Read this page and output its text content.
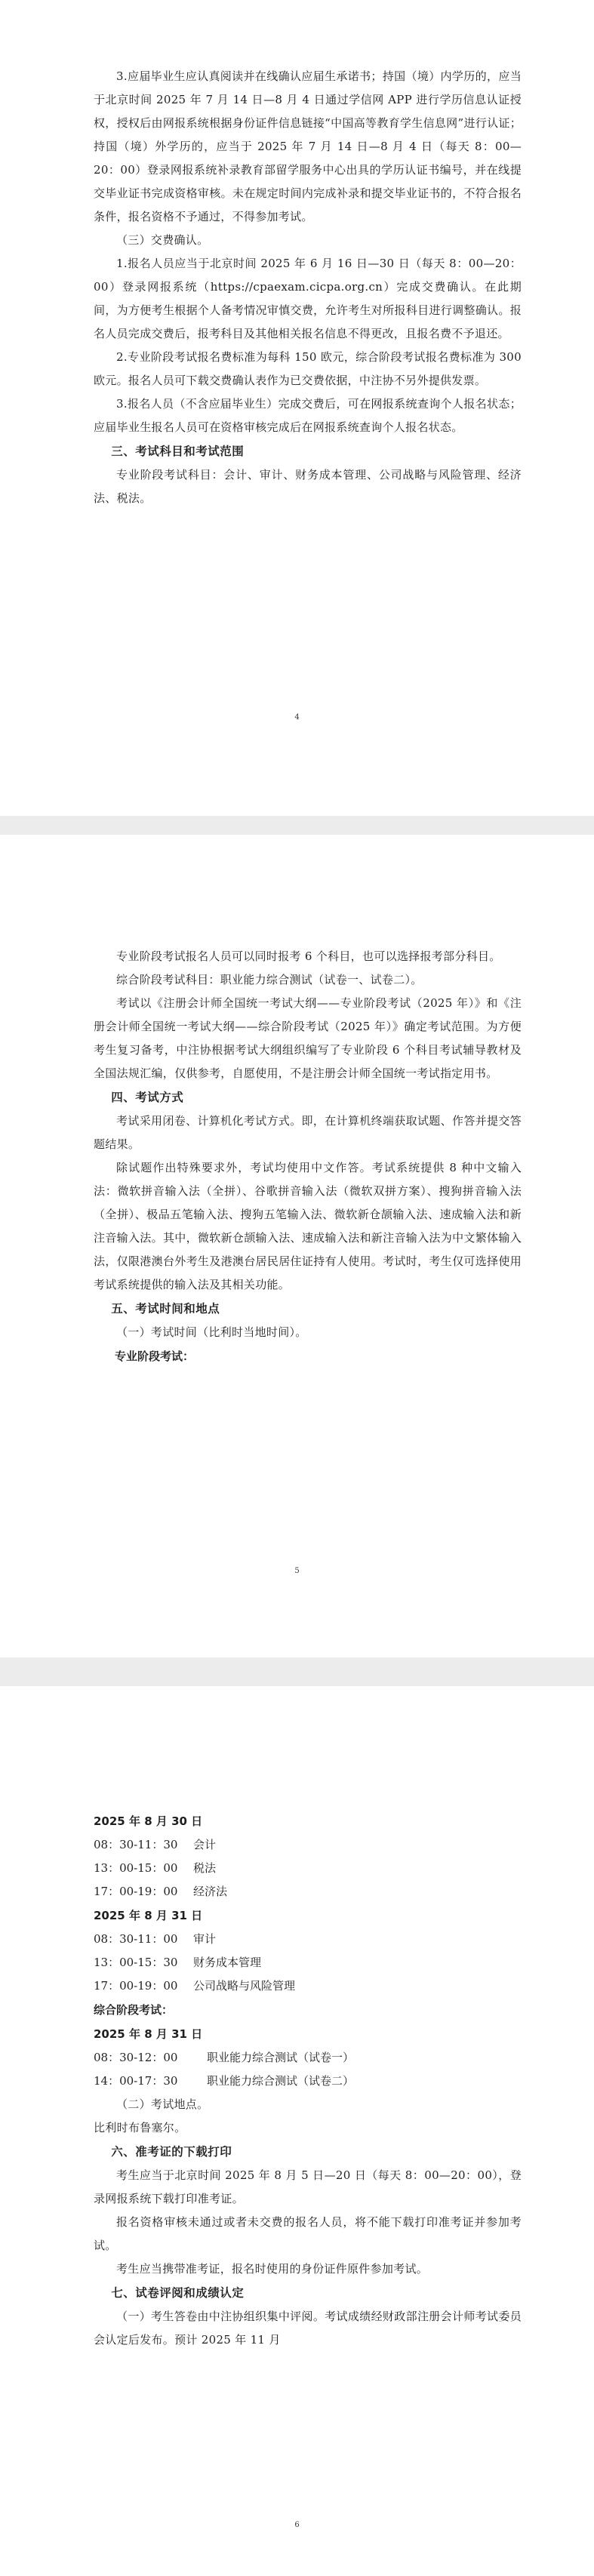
3.应届毕业生应认真阅读并在线确认应届生承诺书；持国（境）内学历的，应当于北京时间 2025 年 7 月 14 日—8 月 4 日通过学信网 APP 进行学历信息认证授权，授权后由网报系统根据身份证件信息链接“中国高等教育学生信息网”进行认证；持国（境）外学历的，应当于 2025 年 7 月 14 日—8 月 4 日（每天 8：00—20：00）登录网报系统补录教育部留学服务中心出具的学历认证书编号，并在线提交毕业证书完成资格审核。未在规定时间内完成补录和提交毕业证书的，不符合报名条件，报名资格不予通过，不得参加考试。

（三）交费确认。

1.报名人员应当于北京时间 2025 年 6 月 16 日—30 日（每天 8：00—20：00）登录网报系统（https://cpaexam.cicpa.org.cn）完成交费确认。在此期间，为方便考生根据个人备考情况审慎交费，允许考生对所报科目进行调整确认。报名人员完成交费后，报考科目及其他相关报名信息不得更改，且报名费不予退还。

2.专业阶段考试报名费标准为每科 150 欧元，综合阶段考试报名费标准为 300 欧元。报名人员可下载交费确认表作为已交费依据，中注协不另外提供发票。

3.报名人员（不含应届毕业生）完成交费后，可在网报系统查询个人报名状态；应届毕业生报名人员可在资格审核完成后在网报系统查询个人报名状态。

三、考试科目和考试范围

专业阶段考试科目：会计、审计、财务成本管理、公司战略与风险管理、经济法、税法。

4

专业阶段考试报名人员可以同时报考 6 个科目，也可以选择报考部分科目。

综合阶段考试科目：职业能力综合测试（试卷一、试卷二）。

考试以《注册会计师全国统一考试大纲——专业阶段考试（2025 年）》和《注册会计师全国统一考试大纲——综合阶段考试（2025 年）》确定考试范围。为方便考生复习备考，中注协根据考试大纲组织编写了专业阶段 6 个科目考试辅导教材及全国法规汇编，仅供参考，自愿使用，不是注册会计师全国统一考试指定用书。

四、考试方式

考试采用闭卷、计算机化考试方式。即，在计算机终端获取试题、作答并提交答题结果。

除试题作出特殊要求外，考试均使用中文作答。考试系统提供 8 种中文输入法：微软拼音输入法（全拼）、谷歌拼音输入法（微软双拼方案）、搜狗拼音输入法（全拼）、极品五笔输入法、搜狗五笔输入法、微软新仓颉输入法、速成输入法和新注音输入法。其中，微软新仓颉输入法、速成输入法和新注音输入法为中文繁体输入法，仅限港澳台外考生及港澳台居民居住证持有人使用。考试时，考生仅可选择使用考试系统提供的输入法及其相关功能。

五、考试时间和地点

（一）考试时间（比利时当地时间）。

专业阶段考试：

5

2025 年 8 月 30 日

08：30-11：30 会计

13：00-15：00 税法

17：00-19：00 经济法

2025 年 8 月 31 日

08：30-11：00 审计

13：00-15：30 财务成本管理

17：00-19：00 公司战略与风险管理

综合阶段考试：

2025 年 8 月 31 日

08：30-12：00	职业能力综合测试（试卷一）

14：00-17：30	职业能力综合测试（试卷二）

（二）考试地点。

比利时布鲁塞尔。

六、准考证的下载打印

考生应当于北京时间 2025 年 8 月 5 日—20 日（每天 8：00—20：00），登录网报系统下载打印准考证。

报名资格审核未通过或者未交费的报名人员，将不能下载打印准考证并参加考试。

考生应当携带准考证，报名时使用的身份证件原件参加考试。

七、试卷评阅和成绩认定

（一）考生答卷由中注协组织集中评阅。考试成绩经财政部注册会计师考试委员会认定后发布。预计 2025 年 11 月

6
